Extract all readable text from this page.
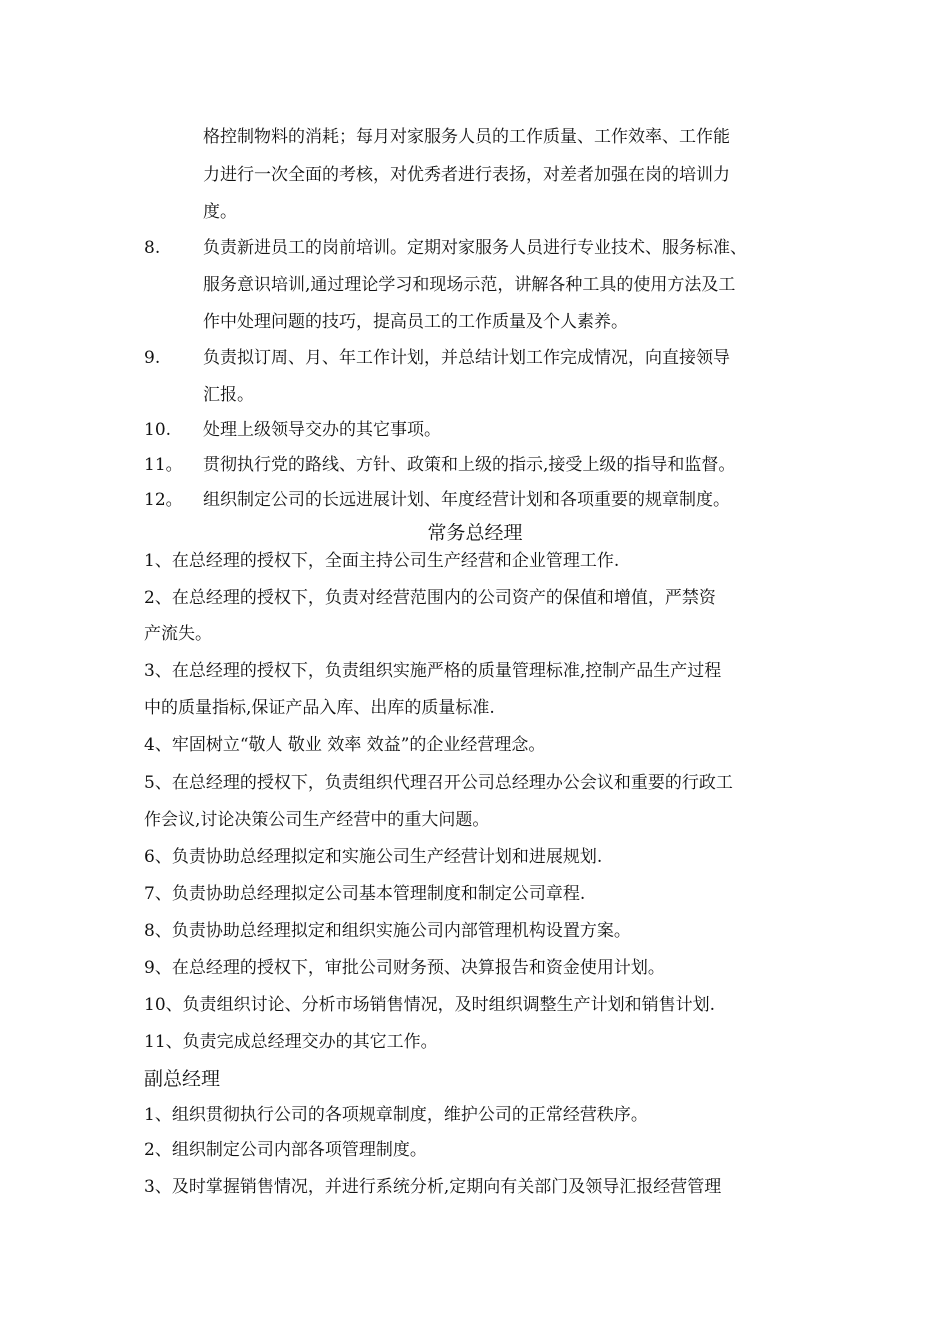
格控制物料的消耗；每月对家服务人员的工作质量、工作效率、工作能
力进行一次全面的考核，对优秀者进行表扬，对差者加强在岗的培训力
度。
8.	负责新进员工的岗前培训。定期对家服务人员进行专业技术、服务标准、
服务意识培训,通过理论学习和现场示范，讲解各种工具的使用方法及工
作中处理问题的技巧，提高员工的工作质量及个人素养。
9.	负责拟订周、月、年工作计划，并总结计划工作完成情况，向直接领导
汇报。
10. 处理上级领导交办的其它事项。
11。 贯彻执行党的路线、方针、政策和上级的指示,接受上级的指导和监督。
12。 组织制定公司的长远进展计划、年度经营计划和各项重要的规章制度。
常务总经理
1、在总经理的授权下，全面主持公司生产经营和企业管理工作.
2、在总经理的授权下，负责对经营范围内的公司资产的保值和增值，严禁资
产流失。
3、在总经理的授权下，负责组织实施严格的质量管理标准,控制产品生产过程
中的质量指标,保证产品入库、出库的质量标准.
4、牢固树立“敬人 敬业 效率 效益”的企业经营理念。
5、在总经理的授权下，负责组织代理召开公司总经理办公会议和重要的行政工
作会议,讨论决策公司生产经营中的重大问题。
6、负责协助总经理拟定和实施公司生产经营计划和进展规划.
7、负责协助总经理拟定公司基本管理制度和制定公司章程.
8、负责协助总经理拟定和组织实施公司内部管理机构设置方案。
9、在总经理的授权下，审批公司财务预、决算报告和资金使用计划。
10、负责组织讨论、分析市场销售情况，及时组织调整生产计划和销售计划.
11、负责完成总经理交办的其它工作。
副总经理
1、组织贯彻执行公司的各项规章制度，维护公司的正常经营秩序。
2、组织制定公司内部各项管理制度。
3、及时掌握销售情况，并进行系统分析,定期向有关部门及领导汇报经营管理
